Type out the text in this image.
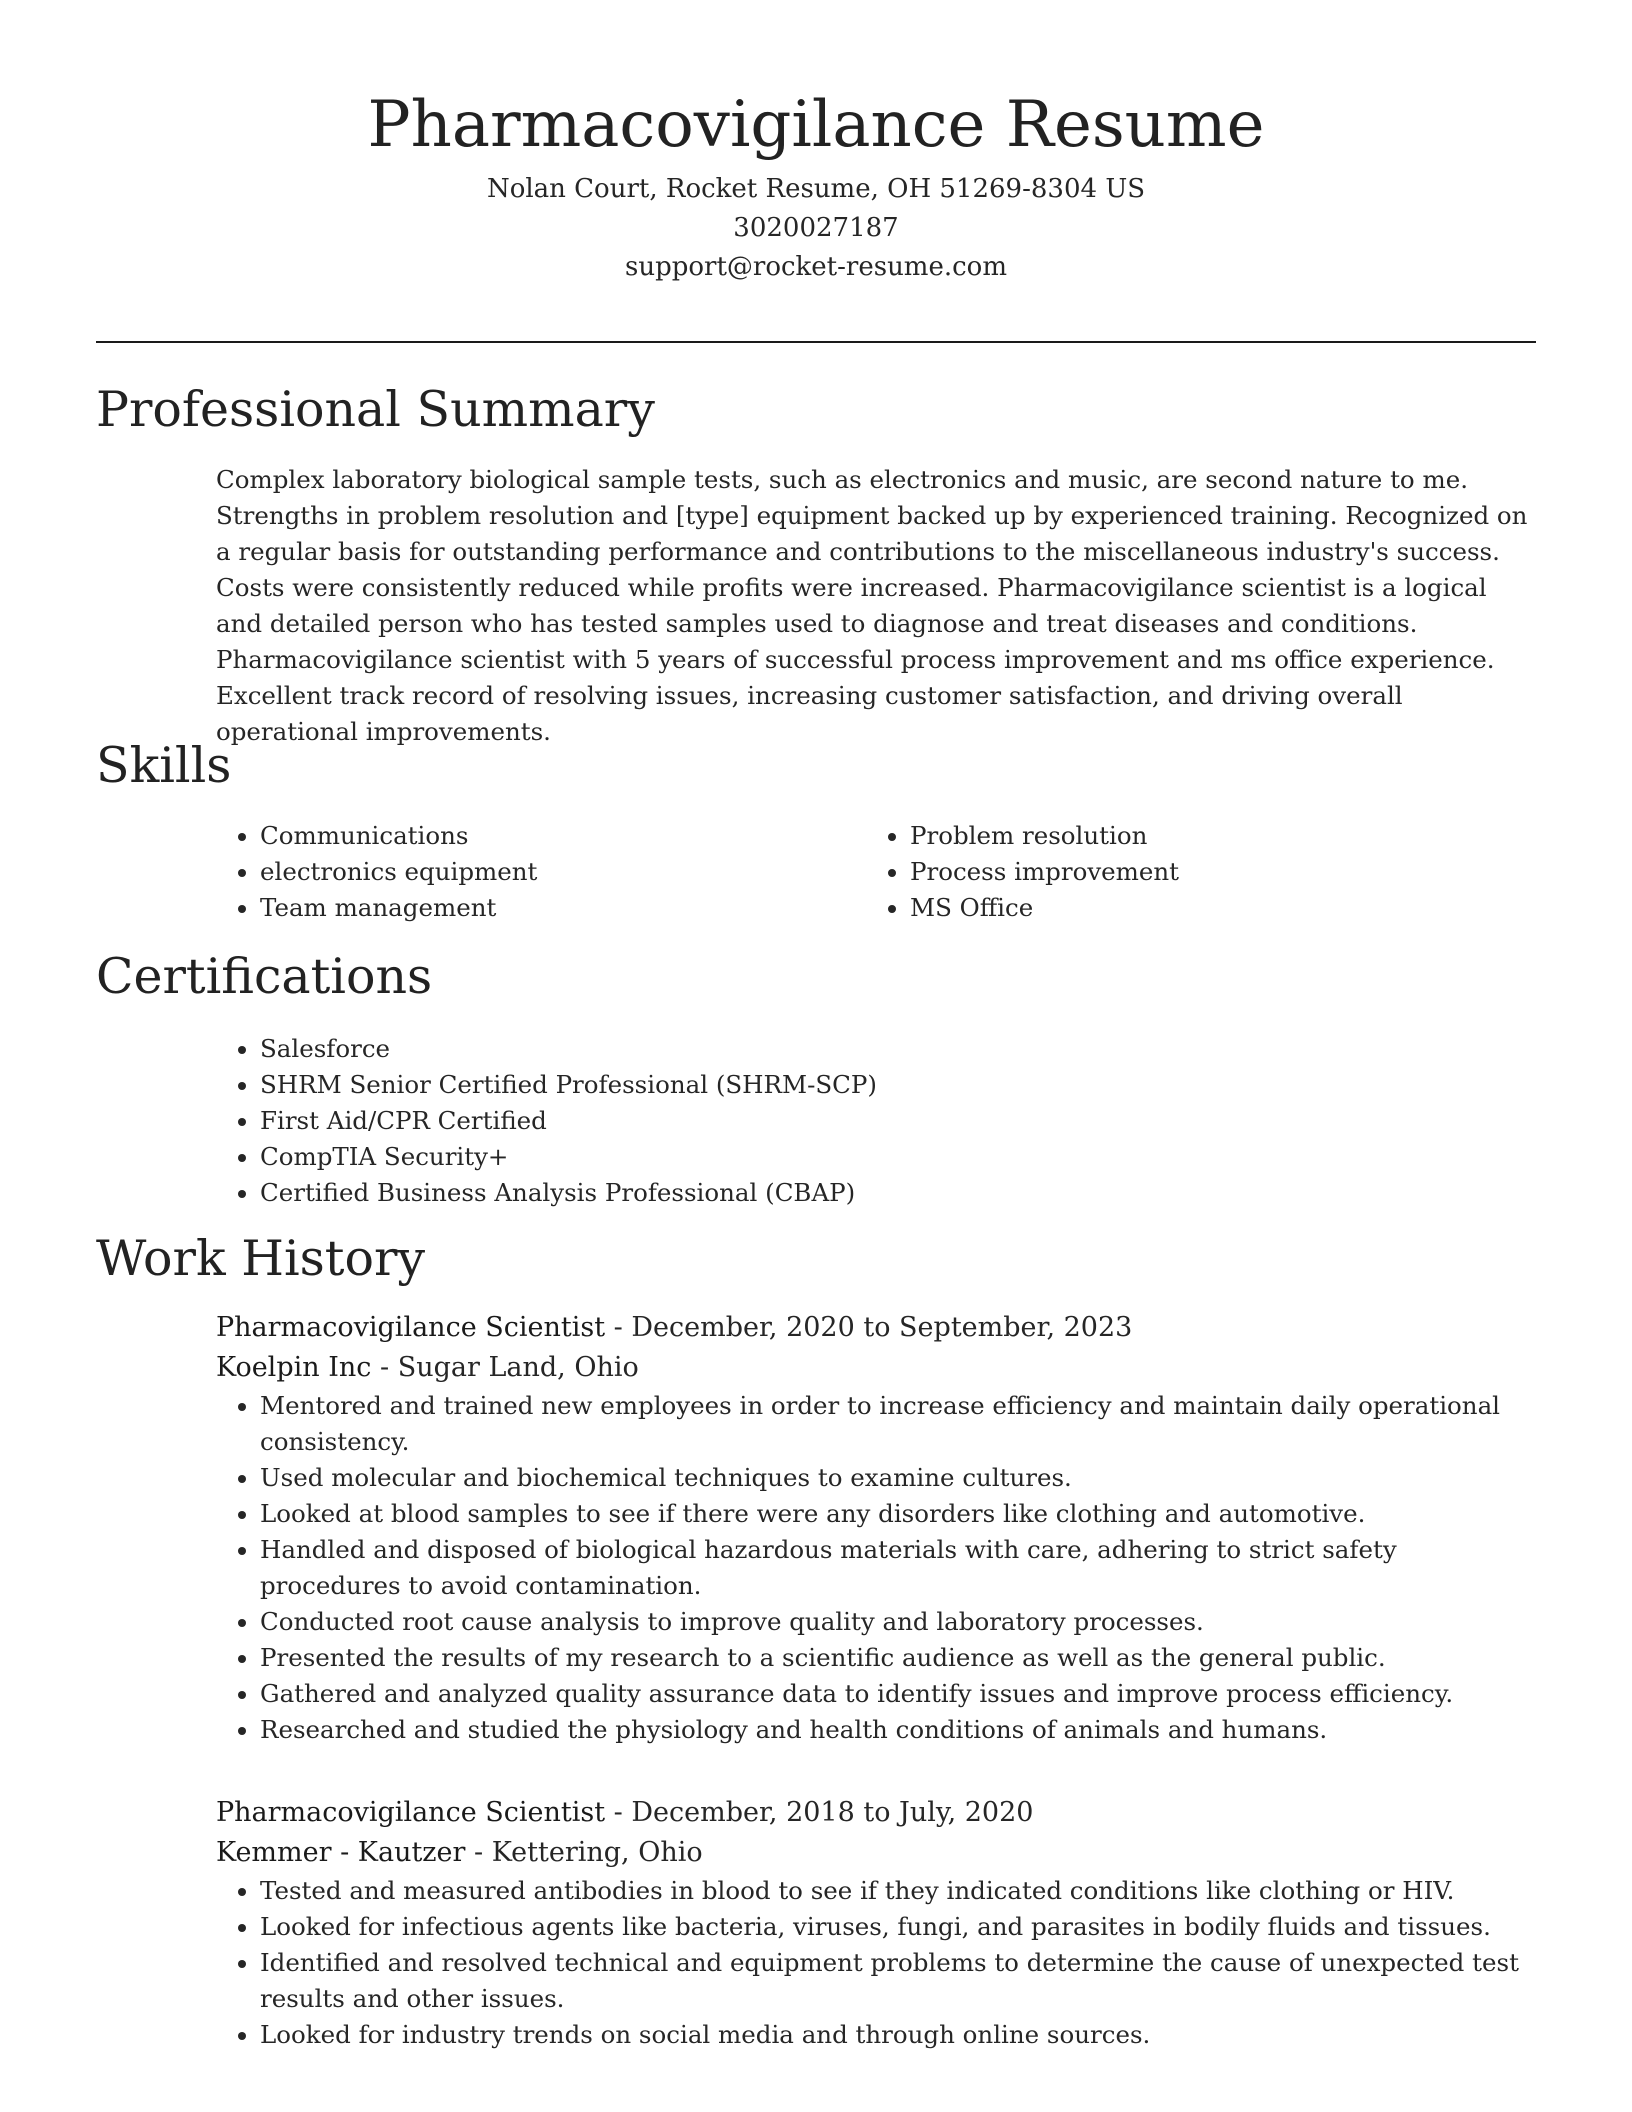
Pharmacovigilance Resume
Nolan Court, Rocket Resume, OH 51269-8304 US
3020027187
support@rocket-resume.com
Professional Summary

Complex laboratory biological sample tests, such as electronics and music, are second nature to me. Strengths in problem resolution and [type] equipment backed up by experienced training. Recognized on a regular basis for outstanding performance and contributions to the miscellaneous industry's success. Costs were consistently reduced while profits were increased. Pharmacovigilance scientist is a logical and detailed person who has tested samples used to diagnose and treat diseases and conditions. Pharmacovigilance scientist with 5 years of successful process improvement and ms office experience. Excellent track record of resolving issues, increasing customer satisfaction, and driving overall operational improvements.

Skills
• Communications
• electronics equipment
• Team management
• Problem resolution
• Process improvement
• MS Office
Certifications
• Salesforce
• SHRM Senior Certified Professional (SHRM-SCP)
• First Aid/CPR Certified
• CompTIA Security+
• Certified Business Analysis Professional (CBAP)
Work History
Pharmacovigilance Scientist - December, 2020 to September, 2023
Koelpin Inc - Sugar Land, Ohio
• Mentored and trained new employees in order to increase efficiency and maintain daily operational consistency.
• Used molecular and biochemical techniques to examine cultures.
• Looked at blood samples to see if there were any disorders like clothing and automotive.
• Handled and disposed of biological hazardous materials with care, adhering to strict safety procedures to avoid contamination.
• Conducted root cause analysis to improve quality and laboratory processes.
• Presented the results of my research to a scientific audience as well as the general public.
• Gathered and analyzed quality assurance data to identify issues and improve process efficiency.
• Researched and studied the physiology and health conditions of animals and humans.
Pharmacovigilance Scientist - December, 2018 to July, 2020
Kemmer - Kautzer - Kettering, Ohio
• Tested and measured antibodies in blood to see if they indicated conditions like clothing or HIV.
• Looked for infectious agents like bacteria, viruses, fungi, and parasites in bodily fluids and tissues.
• Identified and resolved technical and equipment problems to determine the cause of unexpected test results and other issues.
• Looked for industry trends on social media and through online sources.
